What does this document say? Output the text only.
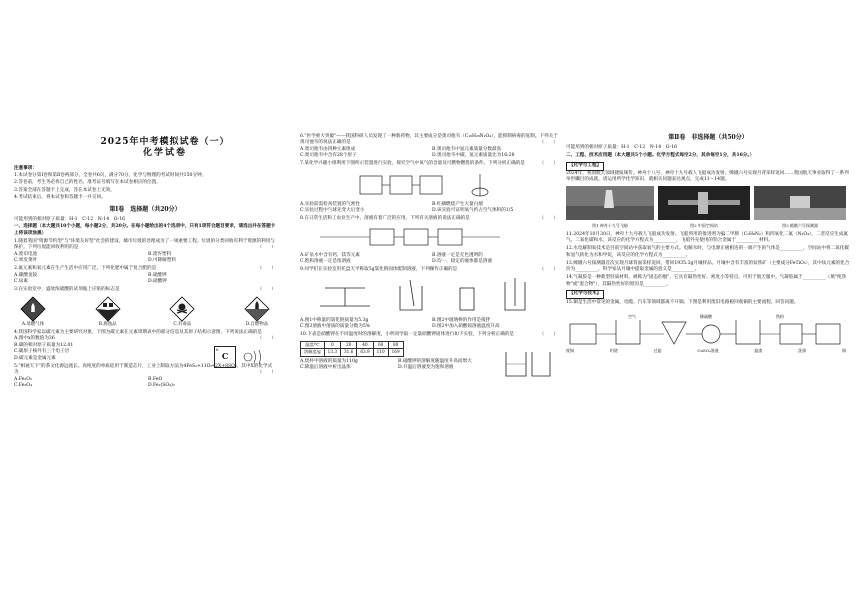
2025年中考模拟试卷（一）
化学试卷
注意事项：
1.本试卷分第Ⅰ卷和第Ⅱ卷两部分，全卷共6页，满分70分，化学与物理的考试时间共150分钟。
2.答卷前，考生务必将自己的姓名、准考证号填写在本试卷相应的位置。
3.答案全部在答题卡上完成，答在本试卷上无效。
4.考试结束后，将本试卷和答题卡一并交回。
第Ⅰ卷　选择题（共20分）
可能用到的相对原子质量：H-1　C-12　N-14　O-16
一、选择题（本大题共10个小题，每小题2分，共20分。在每小题给出的4个选项中，只有1项符合题目要求，请选出并在答题卡上将该项涂黑）
1.随着我国"资源节约型"与"环境友好型"社会的建设，城市垃圾的处理成为了一项重要工程。垃圾的分类回收有利于资源的利用与保护。下列垃圾能回收利用的是	（　　）
A.废旧电池	B.废弃塑料
C.果皮菜叶	D.可降解塑料
2.氮元素和氧元素在生产生活中应用广泛，下列化肥中属于复合肥的是	（　　）
A.碳酸氢铵	B.硫酸钾
C.尿素	D.硝酸钾
3.在实验室中，盛放浓硫酸的试剂瓶上应贴的标志是	（　　）
A.易燃气体	B.腐蚀品	C.有毒品	D.自燃物品
4.我国科学家以碳元素为主要研究对象，下图为碳元素在元素周期表中的部分信息及其原子结构示意图，下列说法正确的是
（　　）
A.图中x的数值为36
B.碳的相对原子质量为12.01
C.碳原子核外有三个电子层
D.碳元素是金属元素
6
C
5."相通天下"的茶文化源远流长。高纯度的单质硅用于制造芯片，工业上制取方法为4FeS₂+11O₂═2X+8SO₂，其中X的化学式为	（　　）
A.Fe₂O₃	B.FeO
C.Fe₃O₄	D.Fe₂(SO₄)₃
6."医学重大突破"——我国科研人员发现了一种新药物，其主要成分是奥司他韦（C₁₆H₂₈N₂O₄），能抑制病毒的复制。下列关于奥司他韦的说法正确的是	（　　）
A.奥司他韦由四种元素组成	B.奥司他韦中氢元素质量分数最高
C.奥司他韦中含有28个原子	D.奥司他韦中碳、氢元素质量比为16:28
7.某化学兴趣小组利用下图所示装置进行实验，探究空气中氧气的含量及可燃物燃烧的条件。下列分析正确的是	（　　）
A.实验前需检查装置的气密性	B.红磷燃烧产生大量白烟
C.实验过程中气球先变大后变小	D.该实验可证明氧气约占空气体积的1/5
8.在日常生活和工农业生产中，溶液有着广泛的应用。下列有关溶液的说法正确的是	（　　）
A.矿泉水中含有钙、镁等元素	B.溶液一定是无色透明的
C.饱和溶液一定是浓溶液	D.均一、稳定的液体都是溶液
9.同学们在实验室用托盘天平称取5g氯化钠固体配制溶液，下列操作正确的是	（　　）
A.图1中称量的氯化钠质量为5.3g	B.图2中玻璃棒的作用是搅拌
C.图3溶液中溶质的质量分数为5%	D.图2中加入硝酸铵溶液温度升高
10.下表是硝酸钾在不同温度时的溶解度，小明同学取一定量硝酸钾固体进行如下实验，下列分析正确的是	（　　）
温度/℃	0	20	40	60	80
溶解度/g	13.3	31.6	63.9	110	169
A.烧杯中溶液的质量为110g	B.硝酸钾的溶解度随温度升高而增大
C.降温后溶液中析出晶体	D.升温后溶液变为饱和溶液
第Ⅱ卷　非选择题（共50分）
可能用到的相对原子质量：H-1　C-12　N-14　O-16
二、工程、技术应用题（本大题共5个小题。化学方程式每空2分，其余每空1分，共16分。）
【化学与工程】
2024年，我国航天领域捷报频传。神舟十八号、神舟十九号载人飞船成功发射，嫦娥六号实现月背采样返回……我国航天事业取得了一系列举世瞩目的成就。请运用所学化学知识，就相关问题表达观点，完成11～14题。
图1 神舟十九号飞船	图2 中国空间站	图3 嫦娥六号探测器
11.2024年10月30日，神舟十九号载人飞船成功发射。飞船所用的推进剂为偏二甲肼（C₂H₈N₂）和四氧化二氮（N₂O₄），二者反应生成氮气、二氧化碳和水，该反应的化学方程式为__________，飞船外壳使用的铝合金属于__________材料。
12.水电解制氧技术是目前空间站中获取氧气的主要方式。电解水时，与电源正极相连的一端产生的气体是__________，空间站中将二氧化碳和氢气转化为水和甲烷，该反应的化学方程式为__________。
13.嫦娥六号探测器首次实现月球背面采样返回，带回1935.3g月壤样品。月壤中含有丰富的钛铁矿（主要成分FeTiO₃），其中钛元素的化合价为__________，科学家从月壤中提取金属的意义是__________。
14.气凝胶是一种新型轻质材料，被称为"固态的烟"，它具有隔热性好、密度小等特点，可用于航天服中。气凝胶属于__________（填"纯净物"或"混合物"），其隔热性好的原因是__________。
【化学与技术】
15.铜是生活中常见的金属，电缆、汽车等领域都离不开铜。下图是利用废旧电路板回收铜的主要流程，回答问题。
废铜	灼烧	过滤	CuSO₄溶液	滤渣	洗涤	铜
空气	稀硫酸	铁粉
